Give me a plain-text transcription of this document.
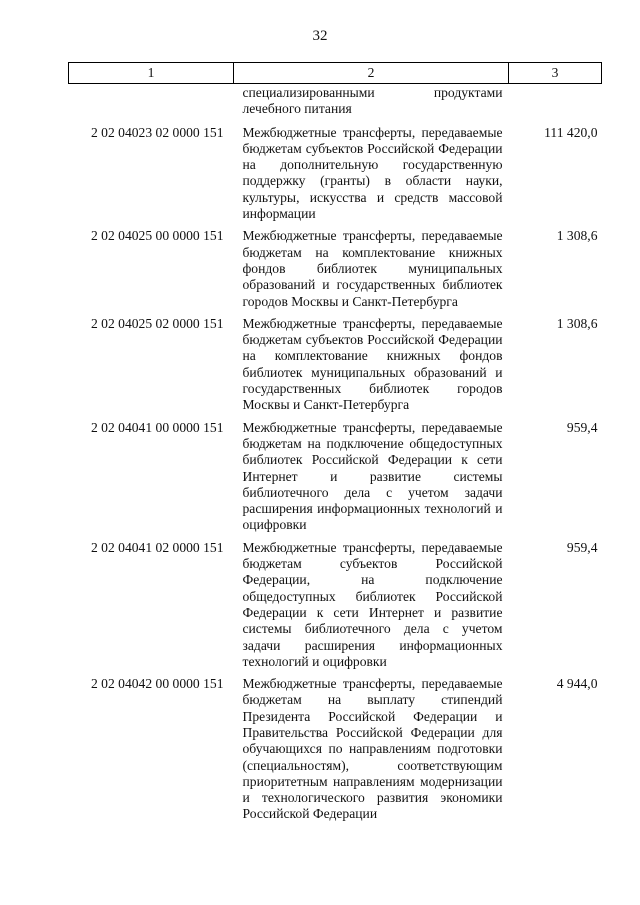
32
1	2	3
	специализированными продуктами лечебного питания	
2 02 04023 02 0000 151	Межбюджетные трансферты, передаваемые бюджетам субъектов Российской Федерации на дополнительную государственную поддержку (гранты) в области науки, культуры, искусства и средств массовой информации	111 420,0
2 02 04025 00 0000 151	Межбюджетные трансферты, передаваемые бюджетам на комплектование книжных фондов библиотек муниципальных образований и государственных библиотек городов Москвы и Санкт-Петербурга	1 308,6
2 02 04025 02 0000 151	Межбюджетные трансферты, передаваемые бюджетам субъектов Российской Федерации на комплектование книжных фондов библиотек муниципальных образований и государственных библиотек городов Москвы и Санкт-Петербурга	1 308,6
2 02 04041 00 0000 151	Межбюджетные трансферты, передаваемые бюджетам на подключение общедоступных библиотек Российской Федерации к сети Интернет и развитие системы библиотечного дела с учетом задачи расширения информационных технологий и оцифровки	959,4
2 02 04041 02 0000 151	Межбюджетные трансферты, передаваемые бюджетам субъектов Российской Федерации, на подключение общедоступных библиотек Российской Федерации к сети Интернет и развитие системы библиотечного дела с учетом задачи расширения информационных технологий и оцифровки	959,4
2 02 04042 00 0000 151	Межбюджетные трансферты, передаваемые бюджетам на выплату стипендий Президента Российской Федерации и Правительства Российской Федерации для обучающихся по направлениям подготовки (специальностям), соответствующим приоритетным направлениям модернизации и технологического развития экономики Российской Федерации	4 944,0
